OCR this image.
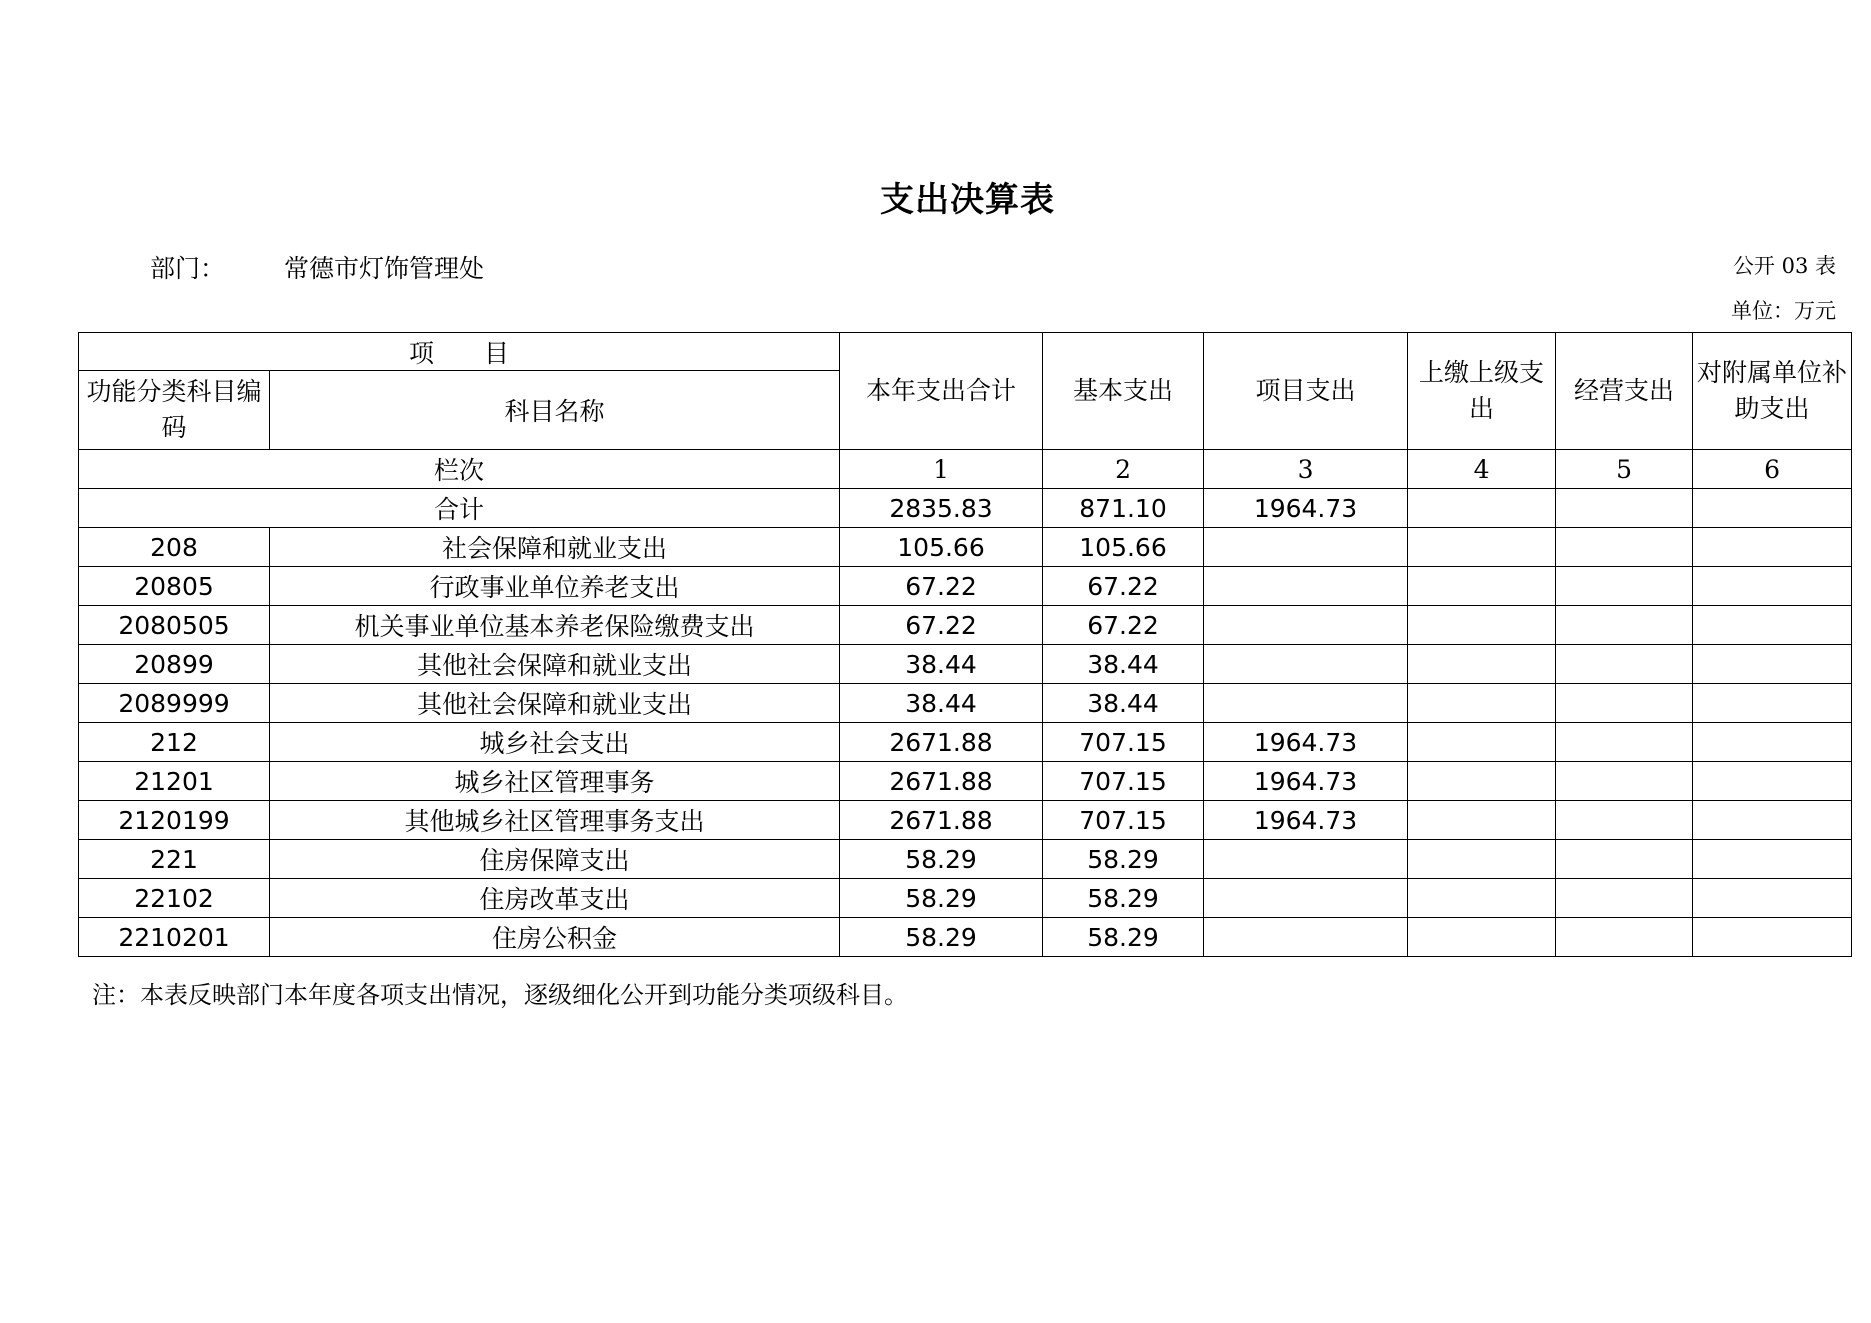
支出决算表
部门： 常德市灯饰管理处	公开 03 表
单位：万元
项　　目		本年支出合计	基本支出	项目支出	上缴上级支出	经营支出	对附属单位补助支出
功能分类科目编码	科目名称						
栏次		1	2	3	4	5	6
合计		2835.83	871.10	1964.73			
208	社会保障和就业支出	105.66	105.66				
20805	行政事业单位养老支出	67.22	67.22				
2080505	机关事业单位基本养老保险缴费支出	67.22	67.22				
20899	其他社会保障和就业支出	38.44	38.44				
2089999	其他社会保障和就业支出	38.44	38.44				
212	城乡社会支出	2671.88	707.15	1964.73			
21201	城乡社区管理事务	2671.88	707.15	1964.73			
2120199	其他城乡社区管理事务支出	2671.88	707.15	1964.73			
221	住房保障支出	58.29	58.29				
22102	住房改革支出	58.29	58.29				
2210201	住房公积金	58.29	58.29				
注：本表反映部门本年度各项支出情况，逐级细化公开到功能分类项级科目。
